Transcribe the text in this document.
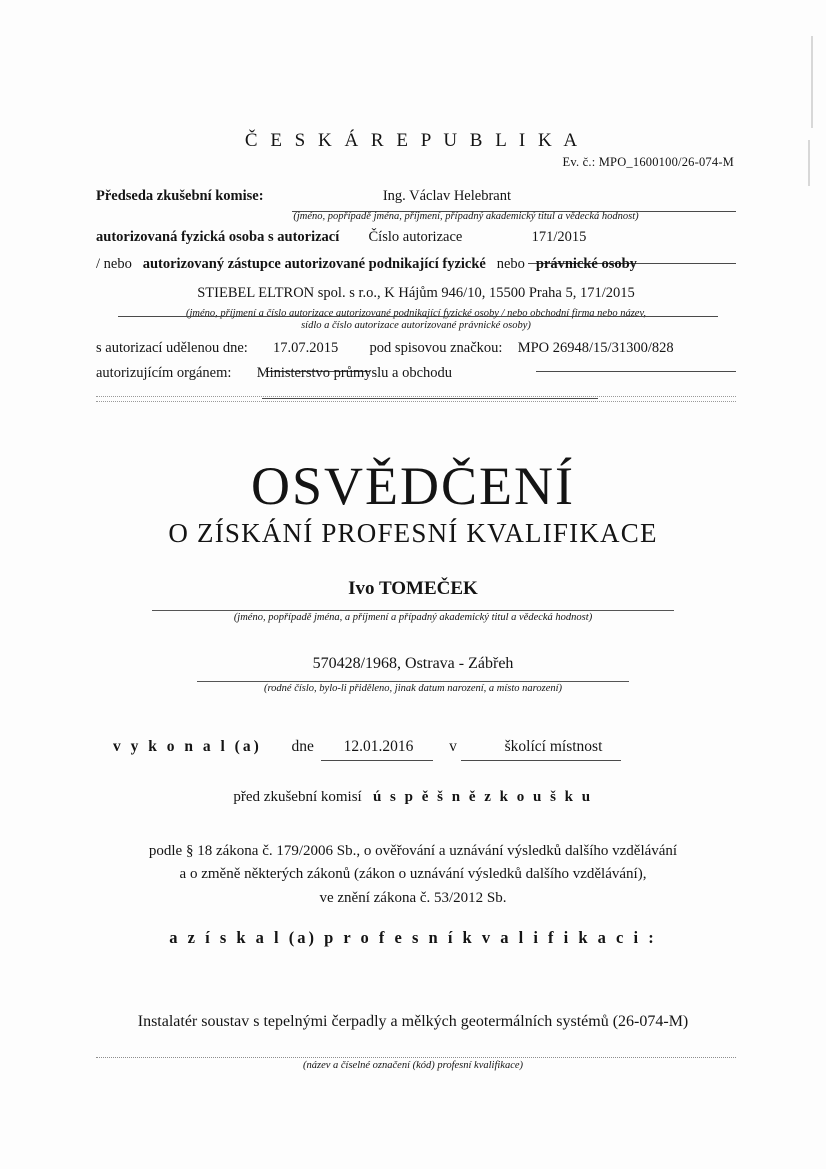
Č E S K Á R E P U B L I K A
Ev. č.: MPO_1600100/26-074-M
Předseda zkušební komise:	Ing. Václav Helebrant
(jméno, popřípadě jména, příjmení, případný akademický titul a vědecká hodnost)
autorizovaná fyzická osoba s autorizací Číslo autorizace	171/2015
/ nebo autorizovaný zástupce autorizované podnikající fyzické nebo právnické osoby
STIEBEL ELTRON spol. s r.o., K Hájům 946/10, 15500 Praha 5, 171/2015
(jméno, příjmení a číslo autorizace autorizované podnikající fyzické osoby / nebo obchodní firma nebo název,
sídlo a číslo autorizace autorizované právnické osoby)
s autorizací udělenou dne: 17.07.2015 pod spisovou značkou: MPO 26948/15/31300/828
autorizujícím orgánem: Ministerstvo průmyslu a obchodu
OSVĚDČENÍ
O ZÍSKÁNÍ PROFESNÍ KVALIFIKACE
Ivo TOMEČEK
(jméno, popřípadě jména, a příjmení a případný akademický titul a vědecká hodnost)
570428/1968, Ostrava - Zábřeh
(rodné číslo, bylo-li přiděleno, jinak datum narození, a místo narození)
v y k o n a l (a) dne 12.01.2016 v	školící místnost
před zkušební komisí ú s p ě š n ě z k o u š k u
podle § 18 zákona č. 179/2006 Sb., o ověřování a uznávání výsledků dalšího vzdělávání
a o změně některých zákonů (zákon o uznávání výsledků dalšího vzdělávání),
ve znění zákona č. 53/2012 Sb.
a z í s k a l (a) p r o f e s n í k v a l i f i k a c i :
Instalatér soustav s tepelnými čerpadly a mělkých geotermálních systémů (26-074-M)
(název a číselné označení (kód) profesní kvalifikace)
